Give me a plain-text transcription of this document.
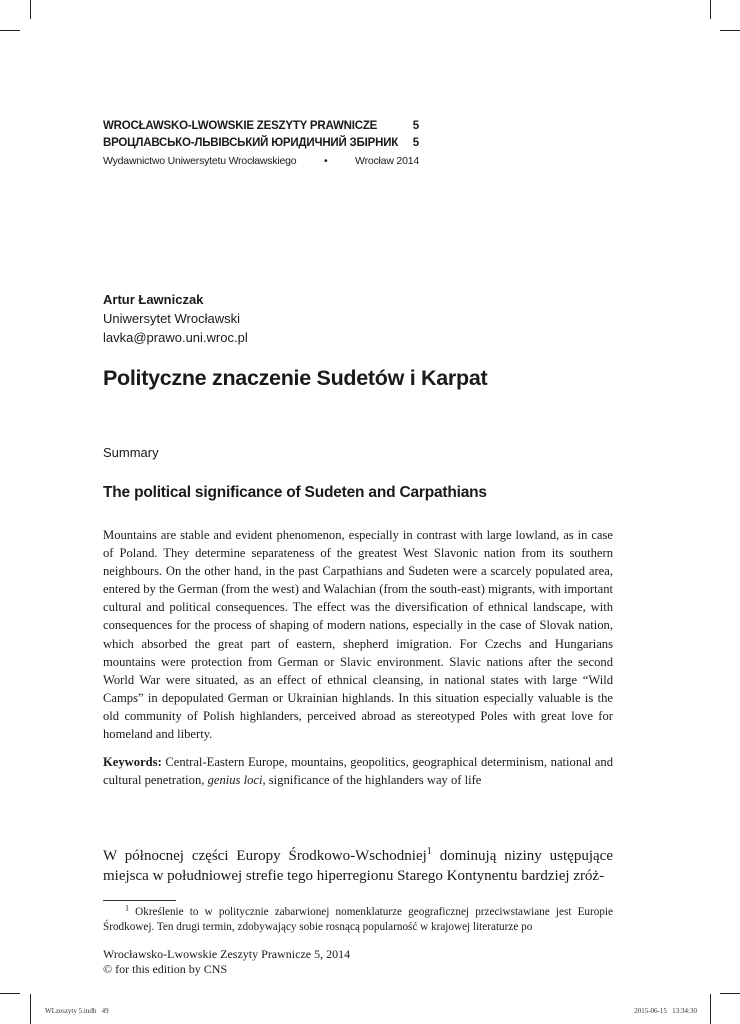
WROCŁAWSKO-LWOWSKIE ZESZYTY PRAWNICZE	5
ВРОЦЛАВСЬКО-ЛЬВІВСЬКИЙ ЮРИДИЧНИЙ ЗБІРНИК 5
Wydawnictwo Uniwersytetu Wrocławskiego	•	Wrocław 2014
Artur Ławniczak
Uniwersytet Wrocławski
lavka@prawo.uni.wroc.pl
Polityczne znaczenie Sudetów i Karpat
Summary
The political significance of Sudeten and Carpathians
Mountains are stable and evident phenomenon, especially in contrast with large lowland, as in case of Poland. They determine separateness of the greatest West Slavonic nation from its southern neighbours. On the other hand, in the past Carpathians and Sudeten were a scarcely populated area, entered by the German (from the west) and Walachian (from the south-east) migrants, with important cultural and political consequences. The effect was the diversification of ethnical landscape, with consequences for the process of shaping of modern nations, especially in the case of Slovak nation, which absorbed the great part of eastern, shepherd imigration. For Czechs and Hungarians mountains were protection from German or Slavic environment. Slavic nations after the second World War were situated, as an effect of ethnical cleansing, in national states with large “Wild Camps” in depopulated German or Ukrainian highlands. In this situation especially valuable is the old community of Polish highlanders, perceived abroad as stereotyped Poles with great love for homeland and liberty.
Keywords: Central-Eastern Europe, mountains, geopolitics, geographical determinism, national and cultural penetration, genius loci, significance of the highlanders way of life
W północnej części Europy Środkowo-Wschodniej$^1$ dominują niziny ustępujące miejsca w południowej strefie tego hiperregionu Starego Kontynentu bardziej zróż-
$^1$ Określenie to w politycznie zabarwionej nomenklaturze geograficznej przeciwstawiane jest Europie Środkowej. Ten drugi termin, zdobywający sobie rosnącą popularność w krajowej literaturze po
Wrocławsko-Lwowskie Zeszyty Prawnicze 5, 2014
© for this edition by CNS
WLzeszyty 5.indb   49	2015-06-15   13:34:30
